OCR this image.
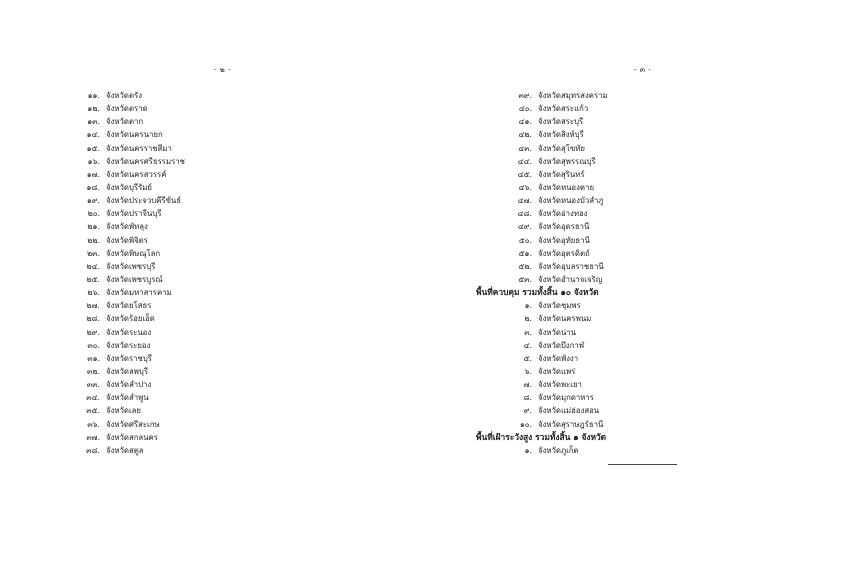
- ๒ -	- ๓ -
๑๑. จังหวัดตรัง
๑๒. จังหวัดตราด
๑๓. จังหวัดตาก
๑๔. จังหวัดนครนายก
๑๕. จังหวัดนครราชสีมา
๑๖. จังหวัดนครศรีธรรมราช
๑๗. จังหวัดนครสวรรค์
๑๘. จังหวัดบุรีรัมย์
๑๙. จังหวัดประจวบคีรีขันธ์
๒๐. จังหวัดปราจีนบุรี
๒๑. จังหวัดพัทลุง
๒๒. จังหวัดพิจิตร
๒๓. จังหวัดพิษณุโลก
๒๔. จังหวัดเพชรบุรี
๒๕. จังหวัดเพชรบูรณ์
๒๖. จังหวัดมหาสารคาม
๒๗. จังหวัดยโสธร
๒๘. จังหวัดร้อยเอ็ด
๒๙. จังหวัดระนอง
๓๐. จังหวัดระยอง
๓๑. จังหวัดราชบุรี
๓๒. จังหวัดลพบุรี
๓๓. จังหวัดลำปาง
๓๔. จังหวัดลำพูน
๓๕. จังหวัดเลย
๓๖. จังหวัดศรีสะเกษ
๓๗. จังหวัดสกลนคร
๓๘. จังหวัดสตูล
๓๙. จังหวัดสมุทรสงคราม
๔๐. จังหวัดสระแก้ว
๔๑. จังหวัดสระบุรี
๔๒. จังหวัดสิงห์บุรี
๔๓. จังหวัดสุโขทัย
๔๔. จังหวัดสุพรรณบุรี
๔๕. จังหวัดสุรินทร์
๔๖. จังหวัดหนองคาย
๔๗. จังหวัดหนองบัวลำภู
๔๘. จังหวัดอ่างทอง
๔๙. จังหวัดอุดรธานี
๕๐. จังหวัดอุทัยธานี
๕๑. จังหวัดอุตรดิตถ์
๕๒. จังหวัดอุบลราชธานี
๕๓. จังหวัดอำนาจเจริญ
พื้นที่ควบคุม รวมทั้งสิ้น ๑๐ จังหวัด
๑. จังหวัดชุมพร
๒. จังหวัดนครพนม
๓. จังหวัดน่าน
๔. จังหวัดบึงกาฬ
๕. จังหวัดพังงา
๖. จังหวัดแพร่
๗. จังหวัดพะเยา
๘. จังหวัดมุกดาหาร
๙. จังหวัดแม่ฮ่องสอน
๑๐. จังหวัดสุราษฎร์ธานี
พื้นที่เฝ้าระวังสูง รวมทั้งสิ้น ๑ จังหวัด
๑. จังหวัดภูเก็ต
